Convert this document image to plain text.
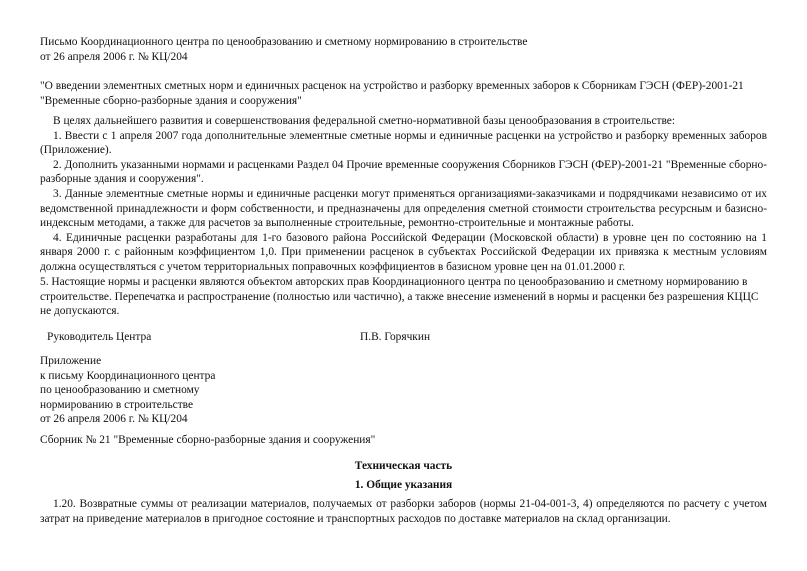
Письмо Координационного центра по ценообразованию и сметному нормированию в строительстве

от 26 апреля 2006 г. № КЦ/204

"О введении элементных сметных норм и единичных расценок на устройство и разборку временных заборов к Сборникам ГЭСН (ФЕР)-2001-21

"Временные сборно-разборные здания и сооружения"

В целях дальнейшего развития и совершенствования федеральной сметно-нормативной базы ценообразования в строительстве:

1. Ввести с 1 апреля 2007 года дополнительные элементные сметные нормы и единичные расценки на устройство и разборку временных заборов (Приложение).

2. Дополнить указанными нормами и расценками Раздел 04 Прочие временные сооружения Сборников ГЭСН (ФЕР)-2001-21 "Временные сборно-разборные здания и сооружения".

3. Данные элементные сметные нормы и единичные расценки могут применяться организациями-заказчиками и подрядчиками независимо от их ведомственной принадлежности и форм собственности, и предназначены для определения сметной стоимости строительства ресурсным и базисно-индексным методами, а также для расчетов за выполненные строительные, ремонтно-строительные и монтажные работы.

4. Единичные расценки разработаны для 1-го базового района Российской Федерации (Московской области) в уровне цен по состоянию на 1 января 2000 г. с районным коэффициентом 1,0. При применении расценок в субъектах Российской Федерации их привязка к местным условиям должна осуществляться с учетом территориальных поправочных коэффициентов в базисном уровне цен на 01.01.2000 г.

5. Настоящие нормы и расценки являются объектом авторских прав Координационного центра по ценообразованию и сметному нормированию в строительстве. Перепечатка и распространение (полностью или частично), а также внесение изменений в нормы и расценки без разрешения КЦЦС не допускаются.

Руководитель Центра	П.В. Горячкин

Приложение

к письму Координационного центра

по ценообразованию и сметному

нормированию в строительстве

от 26 апреля 2006 г. № КЦ/204

Сборник № 21 "Временные сборно-разборные здания и сооружения"

Техническая часть
1. Общие указания

1.20. Возвратные суммы от реализации материалов, получаемых от разборки заборов (нормы 21-04-001-3, 4) определяются по расчету с учетом затрат на приведение материалов в пригодное состояние и транспортных расходов по доставке материалов на склад организации.
